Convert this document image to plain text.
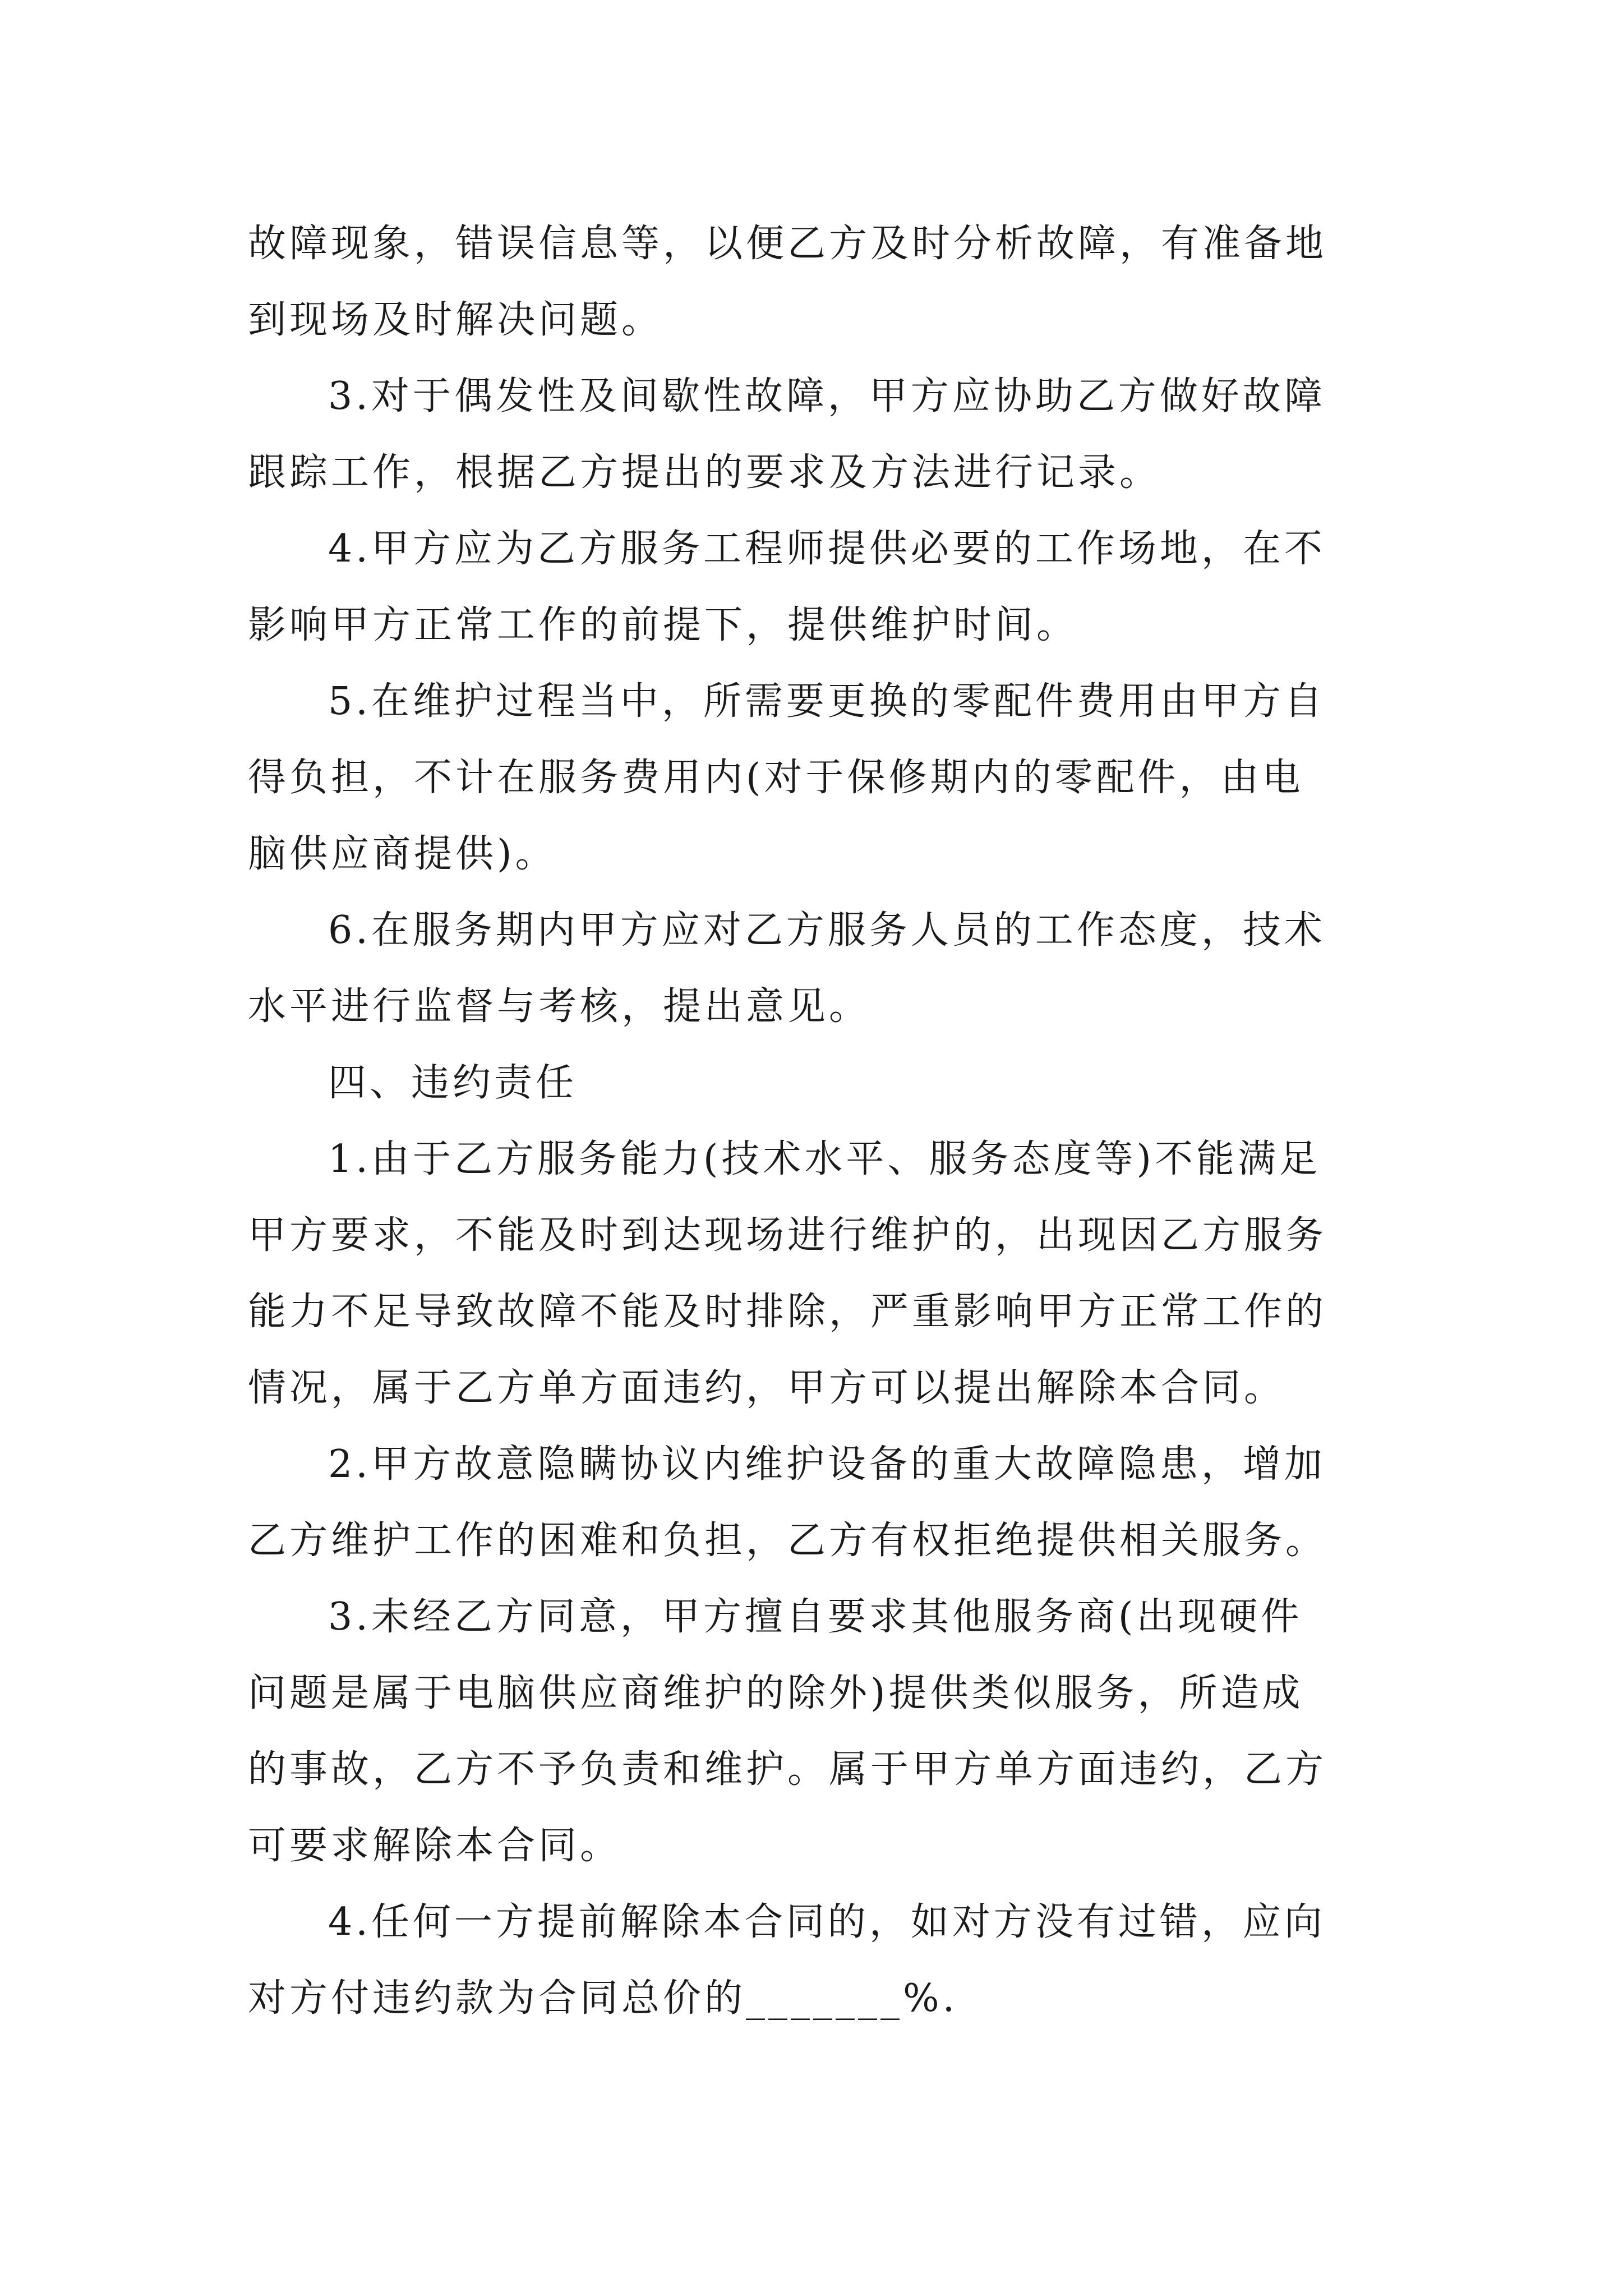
故障现象，错误信息等，以便乙方及时分析故障，有准备地
到现场及时解决问题。
3.对于偶发性及间歇性故障，甲方应协助乙方做好故障
跟踪工作，根据乙方提出的要求及方法进行记录。
4.甲方应为乙方服务工程师提供必要的工作场地，在不
影响甲方正常工作的前提下，提供维护时间。
5.在维护过程当中，所需要更换的零配件费用由甲方自
得负担，不计在服务费用内(对于保修期内的零配件，由电
脑供应商提供)。
6.在服务期内甲方应对乙方服务人员的工作态度，技术
水平进行监督与考核，提出意见。
四、违约责任
1.由于乙方服务能力(技术水平、服务态度等)不能满足
甲方要求，不能及时到达现场进行维护的，出现因乙方服务
能力不足导致故障不能及时排除，严重影响甲方正常工作的
情况，属于乙方单方面违约，甲方可以提出解除本合同。
2.甲方故意隐瞒协议内维护设备的重大故障隐患，增加
乙方维护工作的困难和负担，乙方有权拒绝提供相关服务。
3.未经乙方同意，甲方擅自要求其他服务商(出现硬件
问题是属于电脑供应商维护的除外)提供类似服务，所造成
的事故，乙方不予负责和维护。属于甲方单方面违约，乙方
可要求解除本合同。
4.任何一方提前解除本合同的，如对方没有过错，应向
对方付违约款为合同总价的_______%.
